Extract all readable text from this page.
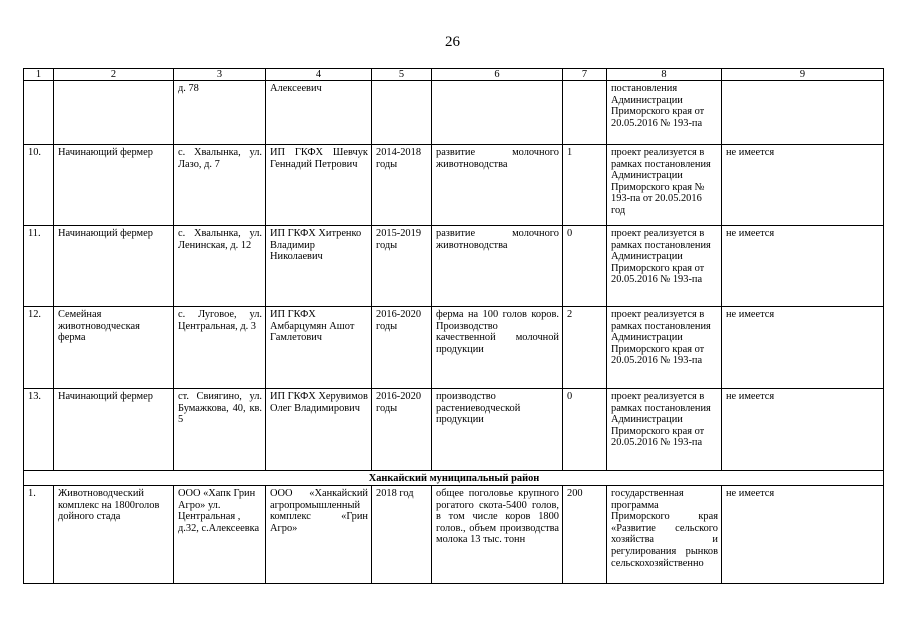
26
1	2	3	4	5	6	7	8	9
		д. 78	Алексеевич				постановления Администрации Приморского края от 20.05.2016 № 193-па	
10.	Начинающий фермер	с. Хвалынка, ул. Лазо, д. 7	ИП ГКФХ Шевчук Геннадий Петрович	2014-2018 годы	развитие молочного животноводства	1	проект реализуется в рамках постановления Администрации Приморского края № 193-па от 20.05.2016 год	не имеется
11.	Начинающий фермер	с. Хвалынка, ул. Ленинская, д. 12	ИП ГКФХ Хитренко Владимир Николаевич	2015-2019 годы	развитие молочного животноводства	0	проект реализуется в рамках постановления Администрации Приморского края от 20.05.2016 № 193-па	не имеется
12.	Семейная животноводческая ферма	с. Луговое, ул. Центральная, д. 3	ИП ГКФХ Амбарцумян Ашот Гамлетович	2016-2020 годы	ферма на 100 голов коров. Производство качественной молочной продукции	2	проект реализуется в рамках постановления Администрации Приморского края от 20.05.2016 № 193-па	не имеется
13.	Начинающий фермер	ст. Свиягино, ул. Бумажкова, 40, кв. 5	ИП ГКФХ Херувимов Олег Владимирович	2016-2020 годы	производство растениеводческой продукции	0	проект реализуется в рамках постановления Администрации Приморского края от 20.05.2016 № 193-па	не имеется
Ханкайский муниципальный район								
1.	Животноводческий комплекс на 1800голов дойного стада	ООО «Хапк Грин Агро» ул. Центральная , д.32, с.Алексеевка	ООО «Ханкайский агропромышленный комплекс «Грин Агро»	2018 год	общее поголовье крупного рогатого скота-5400 голов, в том числе коров 1800 голов., объем производства молока 13 тыс. тонн	200	государственная программа Приморского края «Развитие сельского хозяйства и регулирования рынков сельскохозяйственно	не имеется
